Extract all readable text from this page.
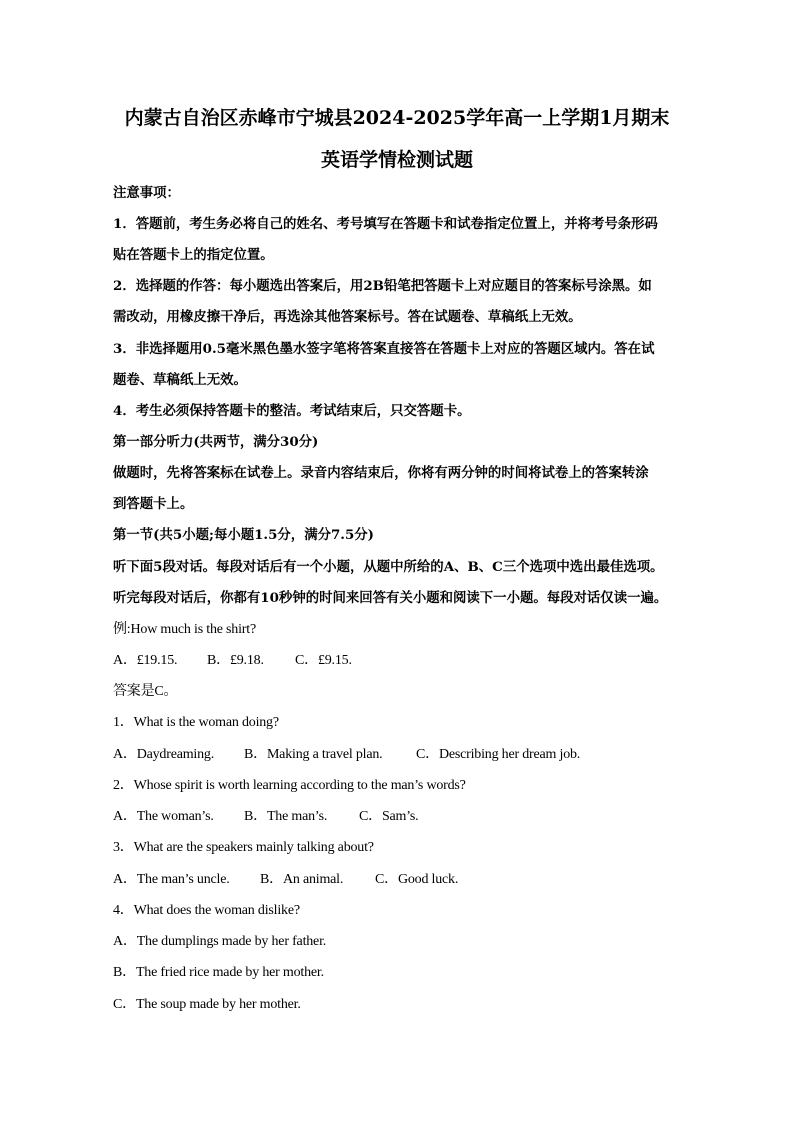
内蒙古自治区赤峰市宁城县2024-2025学年高一上学期1月期末
英语学情检测试题
注意事项：
1．答题前，考生务必将自己的姓名、考号填写在答题卡和试卷指定位置上，并将考号条形码
贴在答题卡上的指定位置。
2．选择题的作答：每小题选出答案后，用2B铅笔把答题卡上对应题目的答案标号涂黑。如
需改动，用橡皮擦干净后，再选涂其他答案标号。答在试题卷、草稿纸上无效。
3．非选择题用0.5毫米黑色墨水签字笔将答案直接答在答题卡上对应的答题区域内。答在试
题卷、草稿纸上无效。
4．考生必须保持答题卡的整洁。考试结束后，只交答题卡。
第一部分听力(共两节，满分30分)
做题时，先将答案标在试卷上。录音内容结束后，你将有两分钟的时间将试卷上的答案转涂
到答题卡上。
第一节(共5小题;每小题1.5分，满分7.5分)
听下面5段对话。每段对话后有一个小题，从题中所给的A、B、C三个选项中选出最佳选项。
听完每段对话后，你都有10秒钟的时间来回答有关小题和阅读下一小题。每段对话仅读一遍。
例:How much is the shirt?
A．£19.15. B．£9.18. C．£9.15.
答案是C。
1．What is the woman doing?
A．Daydreaming. B．Making a travel plan. C．Describing her dream job.
2．Whose spirit is worth learning according to the man’s words?
A．The woman’s. B．The man’s. C．Sam’s.
3．What are the speakers mainly talking about?
A．The man’s uncle. B．An animal. C．Good luck.
4．What does the woman dislike?
A．The dumplings made by her father.
B．The fried rice made by her mother.
C．The soup made by her mother.
